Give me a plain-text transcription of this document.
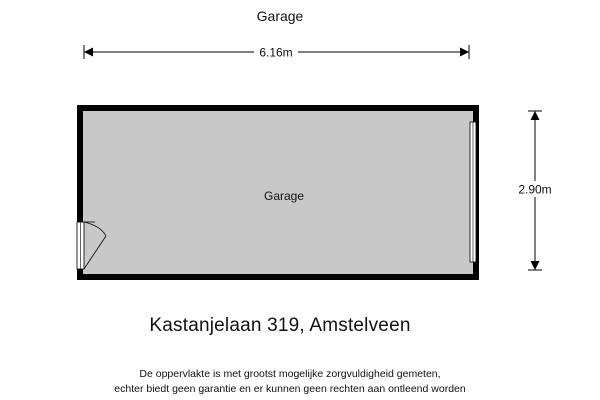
Garage
6.16m
2.90m
Garage
Kastanjelaan 319, Amstelveen
De oppervlakte is met grootst mogelijke zorgvuldigheid gemeten,
echter biedt geen garantie en er kunnen geen rechten aan ontleend worden
